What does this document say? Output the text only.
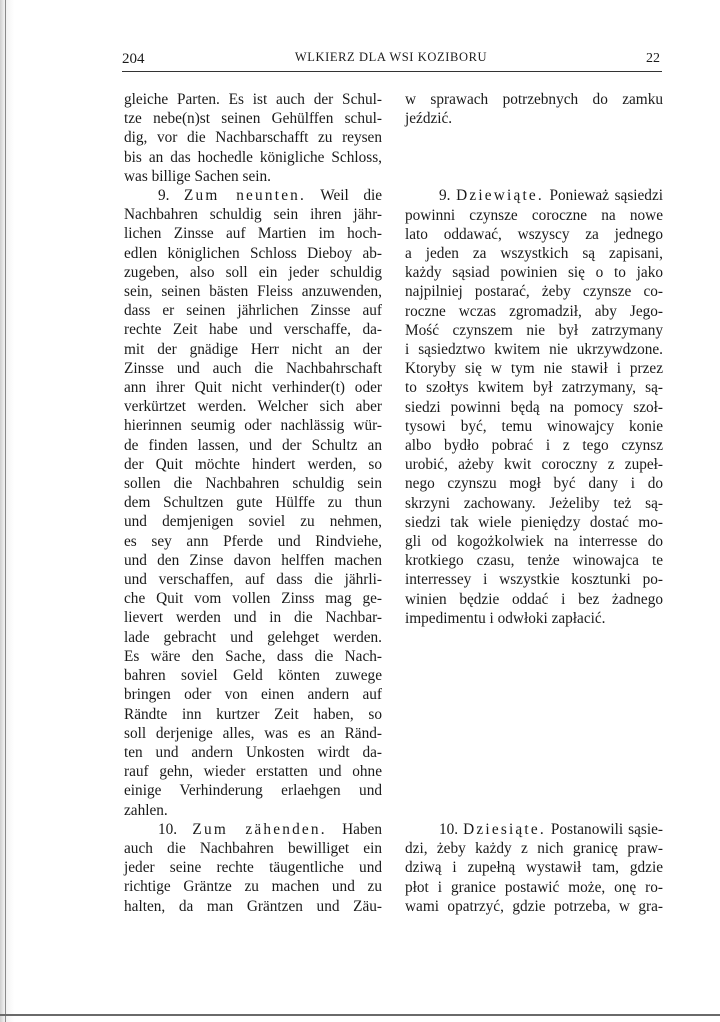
204	WLKIERZ DLA WSI KOZIBORU	22
gleiche Parten. Es ist auch der Schul-
tze nebe(n)st seinen Gehülffen schul-
dig, vor die Nachbarschafft zu reysen
bis an das hochedle königliche Schloss,
was billige Sachen sein.
9. Zum neunten. Weil die
Nachbahren schuldig sein ihren jähr-
lichen Zinsse auf Martien im hoch-
edlen königlichen Schloss Dieboy ab-
zugeben, also soll ein jeder schuldig
sein, seinen bästen Fleiss anzuwenden,
dass er seinen jährlichen Zinsse auf
rechte Zeit habe und verschaffe, da-
mit der gnädige Herr nicht an der
Zinsse und auch die Nachbahrschaft
ann ihrer Quit nicht verhinder(t) oder
verkürtzet werden. Welcher sich aber
hierinnen seumig oder nachlässig wür-
de finden lassen, und der Schultz an
der Quit möchte hindert werden, so
sollen die Nachbahren schuldig sein
dem Schultzen gute Hülffe zu thun
und demjenigen soviel zu nehmen,
es sey ann Pferde und Rindviehe,
und den Zinse davon helffen machen
und verschaffen, auf dass die jährli-
che Quit vom vollen Zinss mag ge-
lievert werden und in die Nachbar-
lade gebracht und gelehget werden.
Es wäre den Sache, dass die Nach-
bahren soviel Geld könten zuwege
bringen oder von einen andern auf
Rändte inn kurtzer Zeit haben, so
soll derjenige alles, was es an Ränd-
ten und andern Unkosten wirdt da-
rauf gehn, wieder erstatten und ohne
einige Verhinderung erlaehgen und
zahlen.
10. Zum zähenden. Haben
auch die Nachbahren bewilliget ein
jeder seine rechte täugentliche und
richtige Gräntze zu machen und zu
halten, da man Gräntzen und Zäu-
w sprawach potrzebnych do zamku
jeździć.
9. Dziewiąte. Ponieważ sąsiedzi
powinni czynsze coroczne na nowe
lato oddawać, wszyscy za jednego
a jeden za wszystkich są zapisani,
każdy sąsiad powinien się o to jako
najpilniej postarać, żeby czynsze co-
roczne wczas zgromadził, aby Jego-
Mość czynszem nie był zatrzymany
i sąsiedztwo kwitem nie ukrzywdzone.
Ktoryby się w tym nie stawił i przez
to szołtys kwitem był zatrzymany, są-
siedzi powinni będą na pomocy szoł-
tysowi być, temu winowajcy konie
albo bydło pobrać i z tego czynsz
urobić, ażeby kwit coroczny z zupeł-
nego czynszu mogł być dany i do
skrzyni zachowany. Jeżeliby też są-
siedzi tak wiele pieniędzy dostać mo-
gli od kogożkolwiek na interresse do
krotkiego czasu, tenże winowajca te
interressey i wszystkie kosztunki po-
winien będzie oddać i bez żadnego
impedimentu i odwłoki zapłacić.
10. Dziesiąte. Postanowili sąsie-
dzi, żeby każdy z nich granicę praw-
dziwą i zupełną wystawił tam, gdzie
płot i granice postawić może, onę ro-
wami opatrzyć, gdzie potrzeba, w gra-
